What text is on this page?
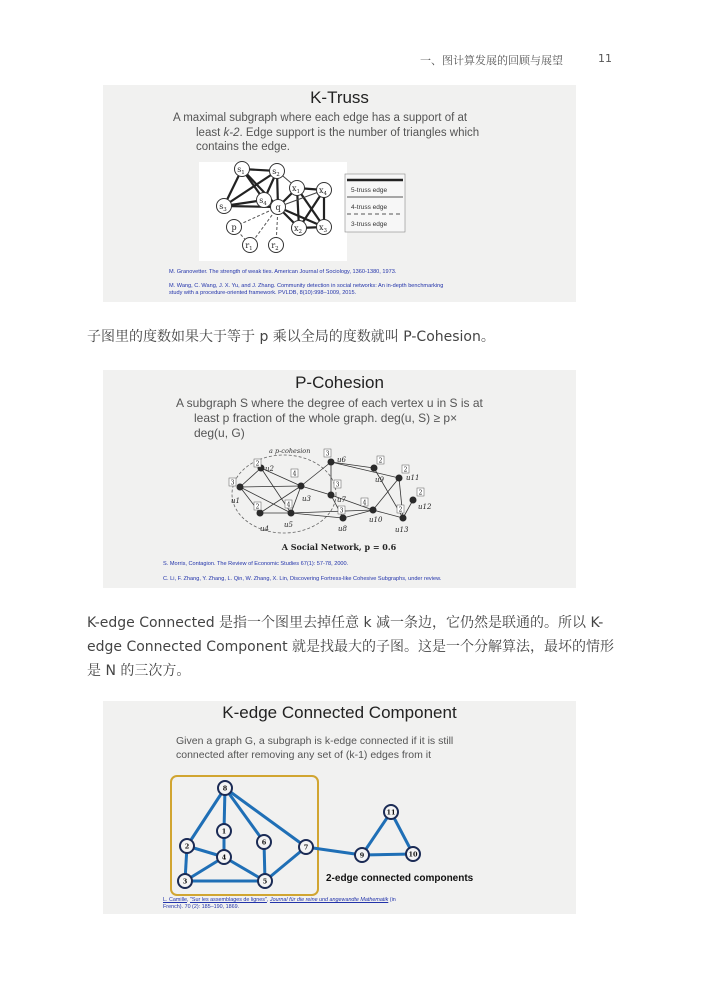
一、图计算发展的回顾与展望	11
K-Truss
A maximal subgraph where each edge has a support of at
least k-2. Edge support is the number of triangles which
contains the edge.
$s_1$	$s_2$
$s_3$
$s_4$ q
$x_1$ $x_4$
$x_2$ $x_3$
p
$r_1$ $r_2$
5-truss edge
4-truss edge
3-truss edge
M. Granovetter. The strength of weak ties. American Journal of Sociology, 1360-1380, 1973.
M. Wang, C. Wang, J. X. Yu, and J. Zhang. Community detection in social networks: An in-depth benchmarking
study with a procedure-oriented framework. PVLDB, 8(10):998–1009, 2015.
子图里的度数如果大于等于 p 乘以全局的度数就叫 P-Cohesion。
P-Cohesion
A subgraph S where the degree of each vertex u in S is at
least p fraction of the whole graph. deg(u, S) ≥ p×
deg(u, G)
a p-cohesion
u1
u2
u3
u4 u5
u6
u7
u8
u9
u10
u11
u12
u13
3
2
4
2	4
3
3
3
2
4
2
2
2
A Social Network, p = 0.6
S. Morris, Contagion. The Review of Economic Studies 67(1): 57-78, 2000.
C. Li, F. Zhang, Y. Zhang, L. Qin, W. Zhang, X. Lin, Discovering Fortress-like Cohesive Subgraphs, under review.
K-edge Connected 是指一个图里去掉任意 k 减一条边，它仍然是联通的。所以 K-edge Connected Component 就是找最大的子图。这是一个分解算法，最坏的情形是 N 的三次方。
K-edge Connected Component
Given a graph G, a subgraph is k-edge connected if it is still
connected after removing any set of (k-1) edges from it
1
2
3
4
5
6
7
8
9	10
11
2-edge connected components
L. Camille, "Sur les assemblages de lignes", Journal für die reine und angewandte Mathematik (in
French). 70 (2): 185–190, 1869.
